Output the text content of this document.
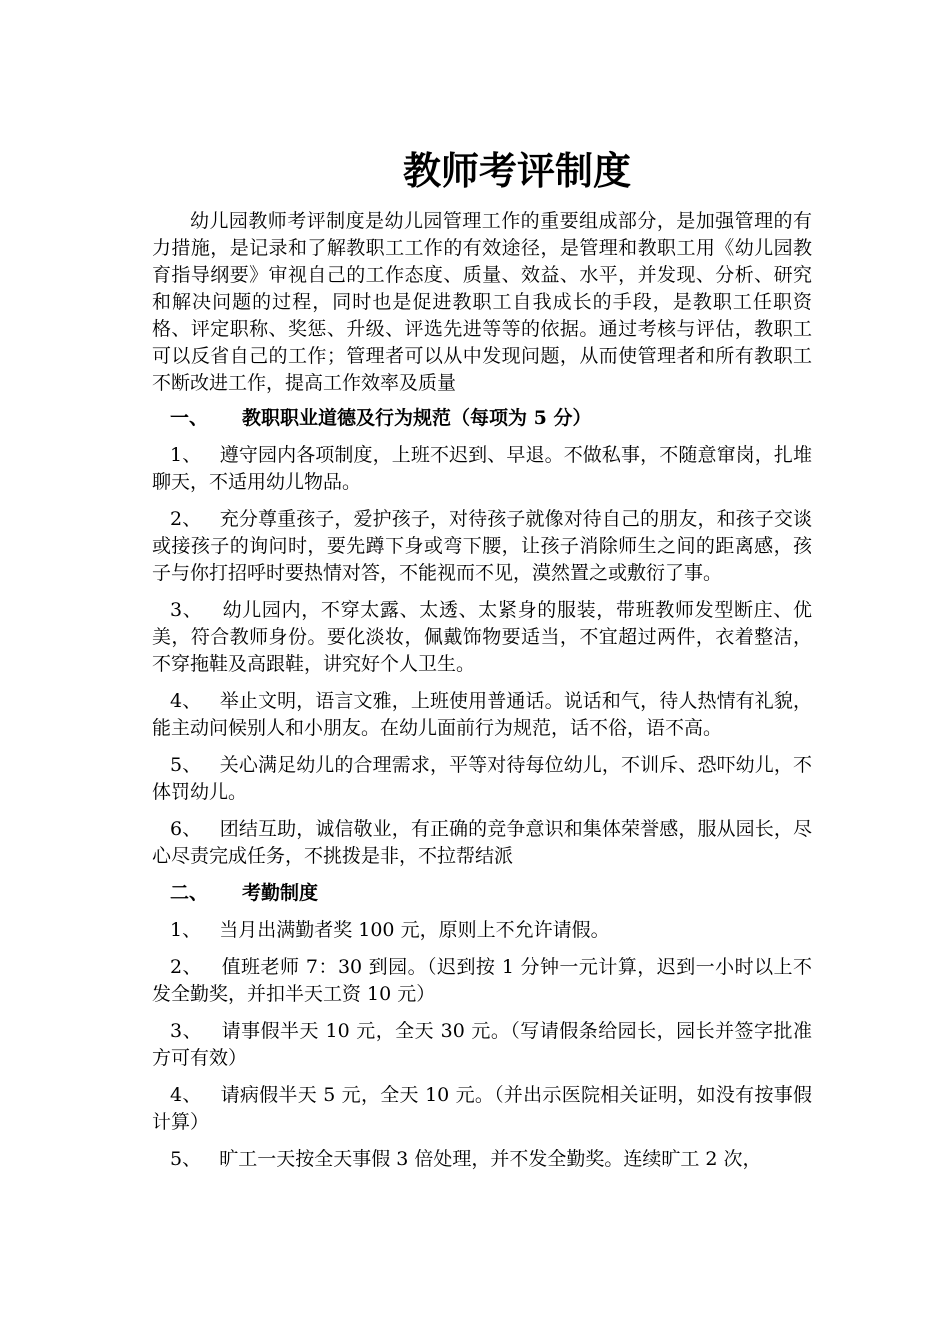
教师考评制度

幼儿园教师考评制度是幼儿园管理工作的重要组成部分，是加强管理的有力措施，是记录和了解教职工工作的有效途径，是管理和教职工用《幼儿园教育指导纲要》审视自己的工作态度、质量、效益、水平，并发现、分析、研究和解决问题的过程，同时也是促进教职工自我成长的手段，是教职工任职资格、评定职称、奖惩、升级、评选先进等等的依据。通过考核与评估，教职工可以反省自己的工作；管理者可以从中发现问题，从而使管理者和所有教职工不断改进工作，提高工作效率及质量

一、 教职职业道德及行为规范（每项为 5 分）

1、 遵守园内各项制度，上班不迟到、早退。不做私事，不随意窜岗，扎堆聊天，不适用幼儿物品。

2、 充分尊重孩子，爱护孩子，对待孩子就像对待自己的朋友，和孩子交谈或接孩子的询问时，要先蹲下身或弯下腰，让孩子消除师生之间的距离感，孩子与你打招呼时要热情对答，不能视而不见，漠然置之或敷衍了事。

3、 幼儿园内，不穿太露、太透、太紧身的服装，带班教师发型断庄、优美，符合教师身份。要化淡妆，佩戴饰物要适当，不宜超过两件，衣着整洁，不穿拖鞋及高跟鞋，讲究好个人卫生。

4、 举止文明，语言文雅，上班使用普通话。说话和气，待人热情有礼貌，能主动问候别人和小朋友。在幼儿面前行为规范，话不俗，语不高。

5、 关心满足幼儿的合理需求，平等对待每位幼儿，不训斥、恐吓幼儿，不体罚幼儿。

6、 团结互助，诚信敬业，有正确的竞争意识和集体荣誉感，服从园长，尽心尽责完成任务，不挑拨是非，不拉帮结派

二、 考勤制度

1、 当月出满勤者奖 100 元，原则上不允许请假。

2、 值班老师 7：30 到园。（迟到按 1 分钟一元计算，迟到一小时以上不发全勤奖，并扣半天工资 10 元）

3、 请事假半天 10 元，全天 30 元。（写请假条给园长，园长并签字批准方可有效）

4、 请病假半天 5 元，全天 10 元。（并出示医院相关证明，如没有按事假计算）

5、 旷工一天按全天事假 3 倍处理，并不发全勤奖。连续旷工 2 次，
